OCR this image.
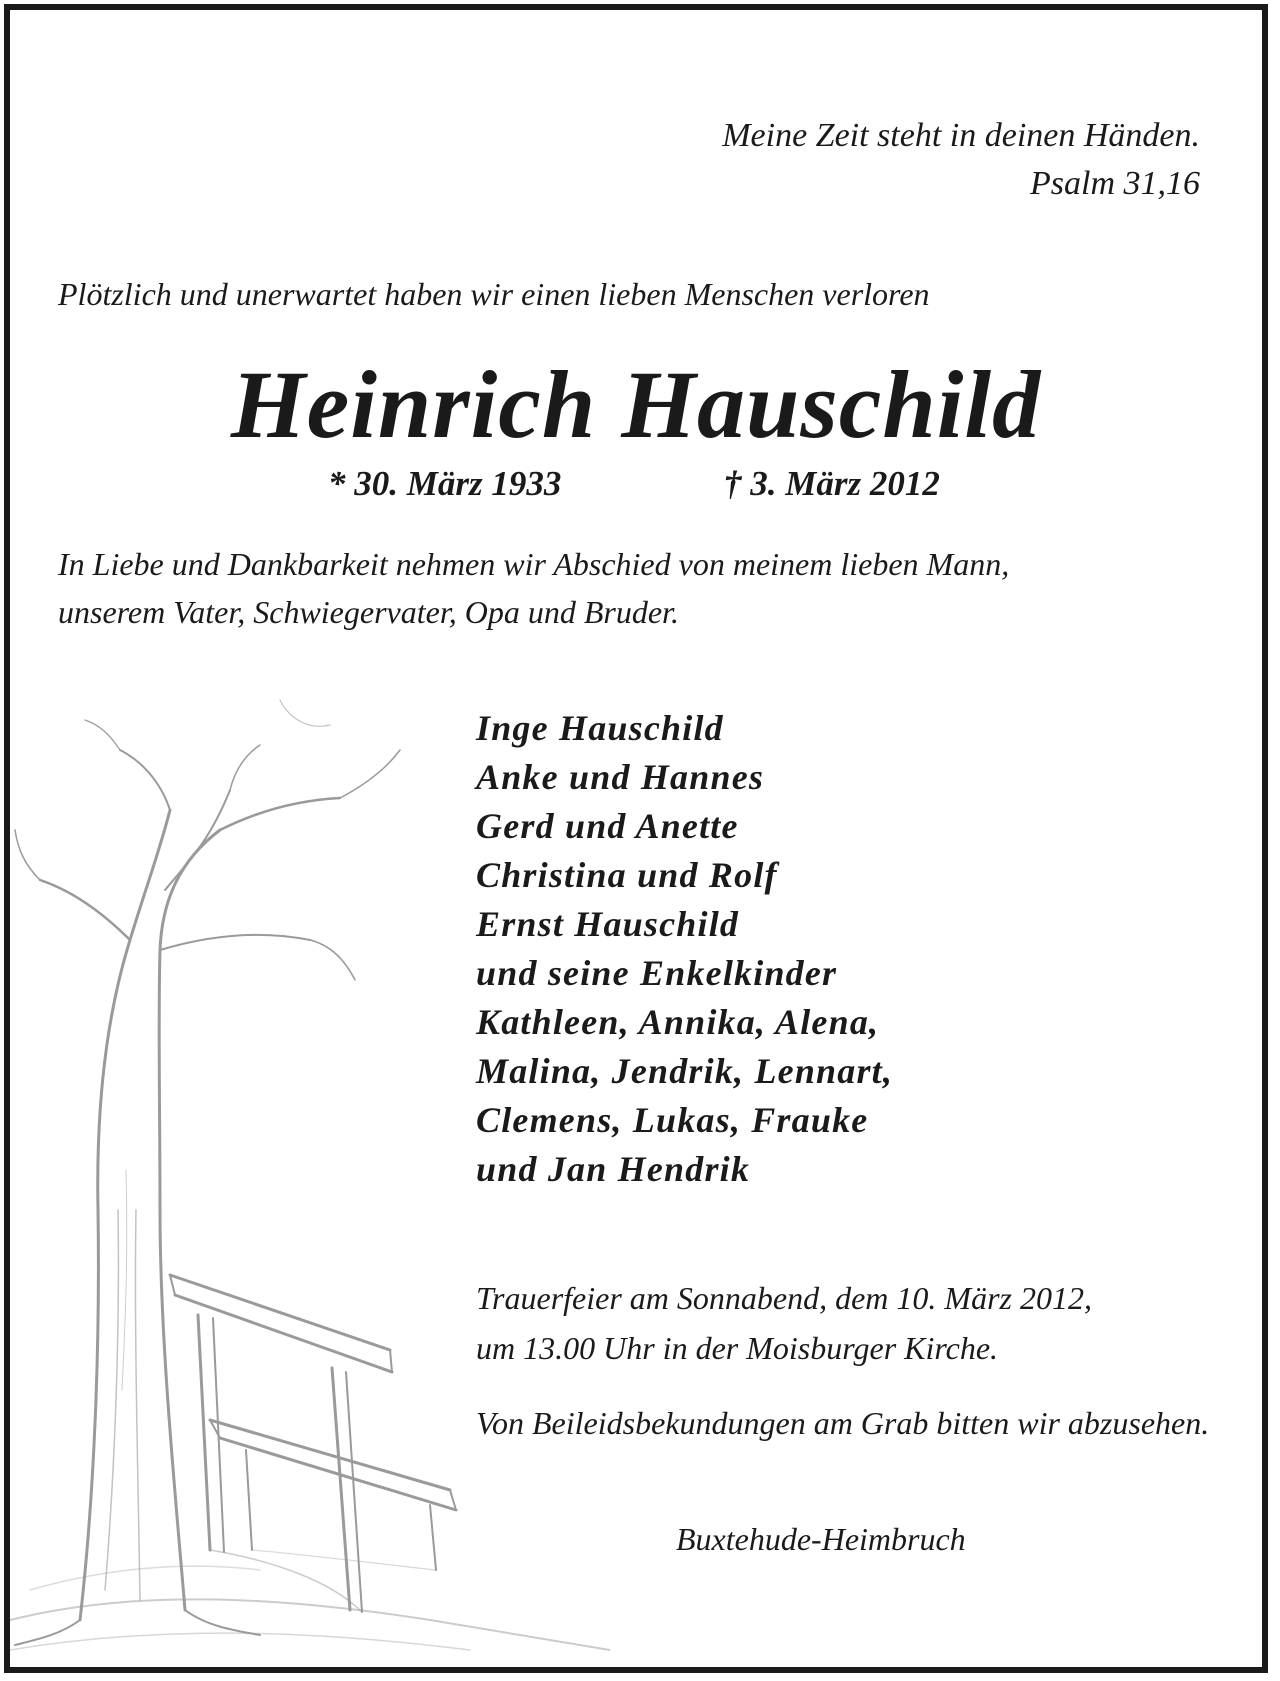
Meine Zeit steht in deinen Händen.
Psalm 31,16
Plötzlich und unerwartet haben wir einen lieben Menschen verloren
Heinrich Hauschild
* 30. März 1933	† 3. März 2012
In Liebe und Dankbarkeit nehmen wir Abschied von meinem lieben Mann,
unserem Vater, Schwiegervater, Opa und Bruder.
Inge Hauschild
Anke und Hannes
Gerd und Anette
Christina und Rolf
Ernst Hauschild
und seine Enkelkinder
Kathleen, Annika, Alena,
Malina, Jendrik, Lennart,
Clemens, Lukas, Frauke
und Jan Hendrik
Trauerfeier am Sonnabend, dem 10. März 2012,
um 13.00 Uhr in der Moisburger Kirche.
Von Beileidsbekundungen am Grab bitten wir abzusehen.
Buxtehude-Heimbruch
